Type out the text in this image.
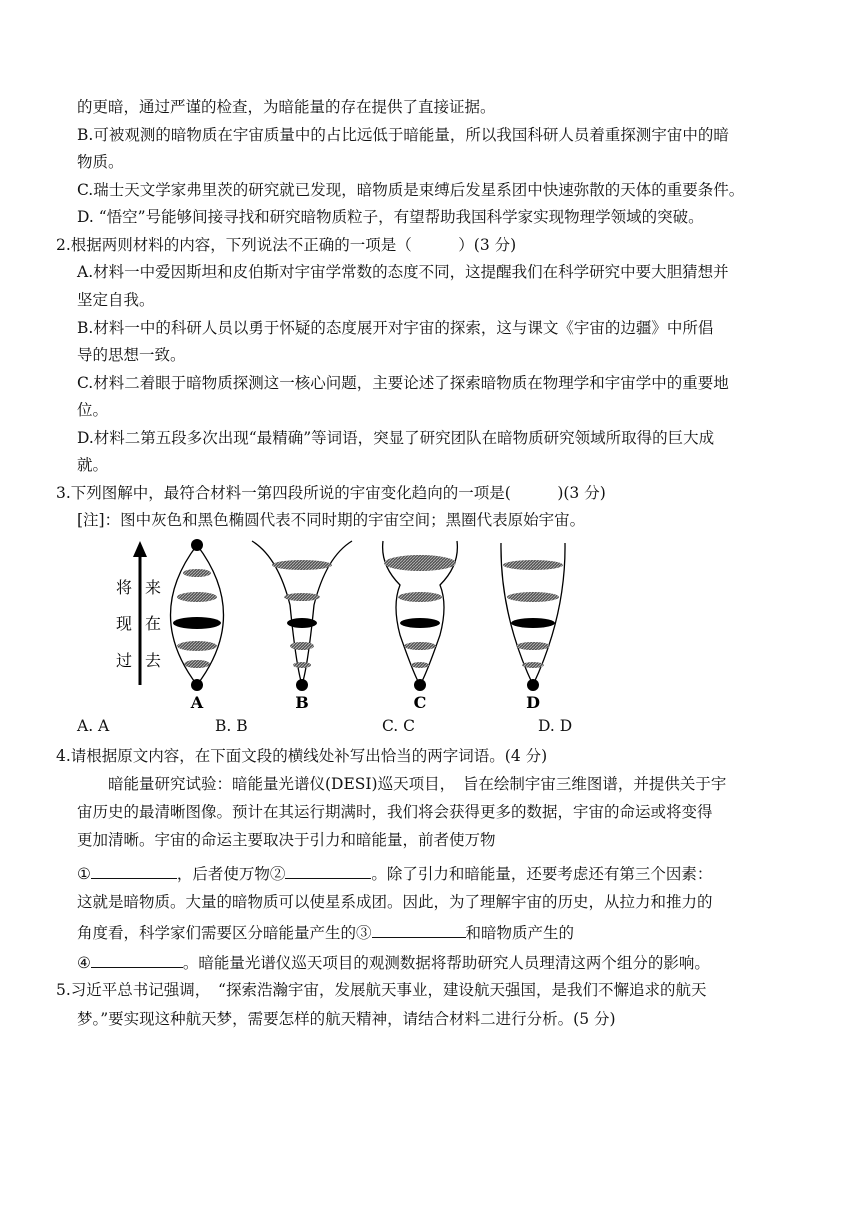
的更暗，通过严谨的检查，为暗能量的存在提供了直接证据。
B.可被观测的暗物质在宇宙质量中的占比远低于暗能量，所以我国科研人员着重探测宇宙中的暗
物质。
C.瑞士天文学家弗里茨的研究就已发现，暗物质是束缚后发星系团中快速弥散的天体的重要条件。
D. “悟空”号能够间接寻找和研究暗物质粒子，有望帮助我国科学家实现物理学领域的突破。
2.根据两则材料的内容，下列说法不正确的一项是（　　　）(3 分)
A.材料一中爱因斯坦和皮伯斯对宇宙学常数的态度不同，这提醒我们在科学研究中要大胆猜想并
坚定自我。
B.材料一中的科研人员以勇于怀疑的态度展开对宇宙的探索，这与课文《宇宙的边疆》中所倡
导的思想一致。
C.材料二着眼于暗物质探测这一核心问题，主要论述了探索暗物质在物理学和宇宙学中的重要地
位。
D.材料二第五段多次出现“最精确”等词语，突显了研究团队在暗物质研究领域所取得的巨大成
就。
3.下列图解中，最符合材料一第四段所说的宇宙变化趋向的一项是(　　　)(3 分)
[注]：图中灰色和黑色椭圆代表不同时期的宇宙空间；黑圈代表原始宇宙。
将
现
过
来
在
去
A	B	C	D
A. A	B. B	C. C	D. D
4.请根据原文内容，在下面文段的横线处补写出恰当的两字词语。(4 分)
暗能量研究试验：暗能量光谱仪(DESI)巡天项目，　旨在绘制宇宙三维图谱，并提供关于宇
宙历史的最清晰图像。预计在其运行期满时，我们将会获得更多的数据，宇宙的命运或将变得
更加清晰。宇宙的命运主要取决于引力和暗能量，前者使万物
①	，后者使万物②	。除了引力和暗能量，还要考虑还有第三个因素：
这就是暗物质。大量的暗物质可以使星系成团。因此，为了理解宇宙的历史，从拉力和推力的
角度看，科学家们需要区分暗能量产生的③	和暗物质产生的
④	。暗能量光谱仪巡天项目的观测数据将帮助研究人员理清这两个组分的影响。
5.习近平总书记强调，　“探索浩瀚宇宙，发展航天事业，建设航天强国，是我们不懈追求的航天
梦。”要实现这种航天梦，需要怎样的航天精神，请结合材料二进行分析。(5 分)
